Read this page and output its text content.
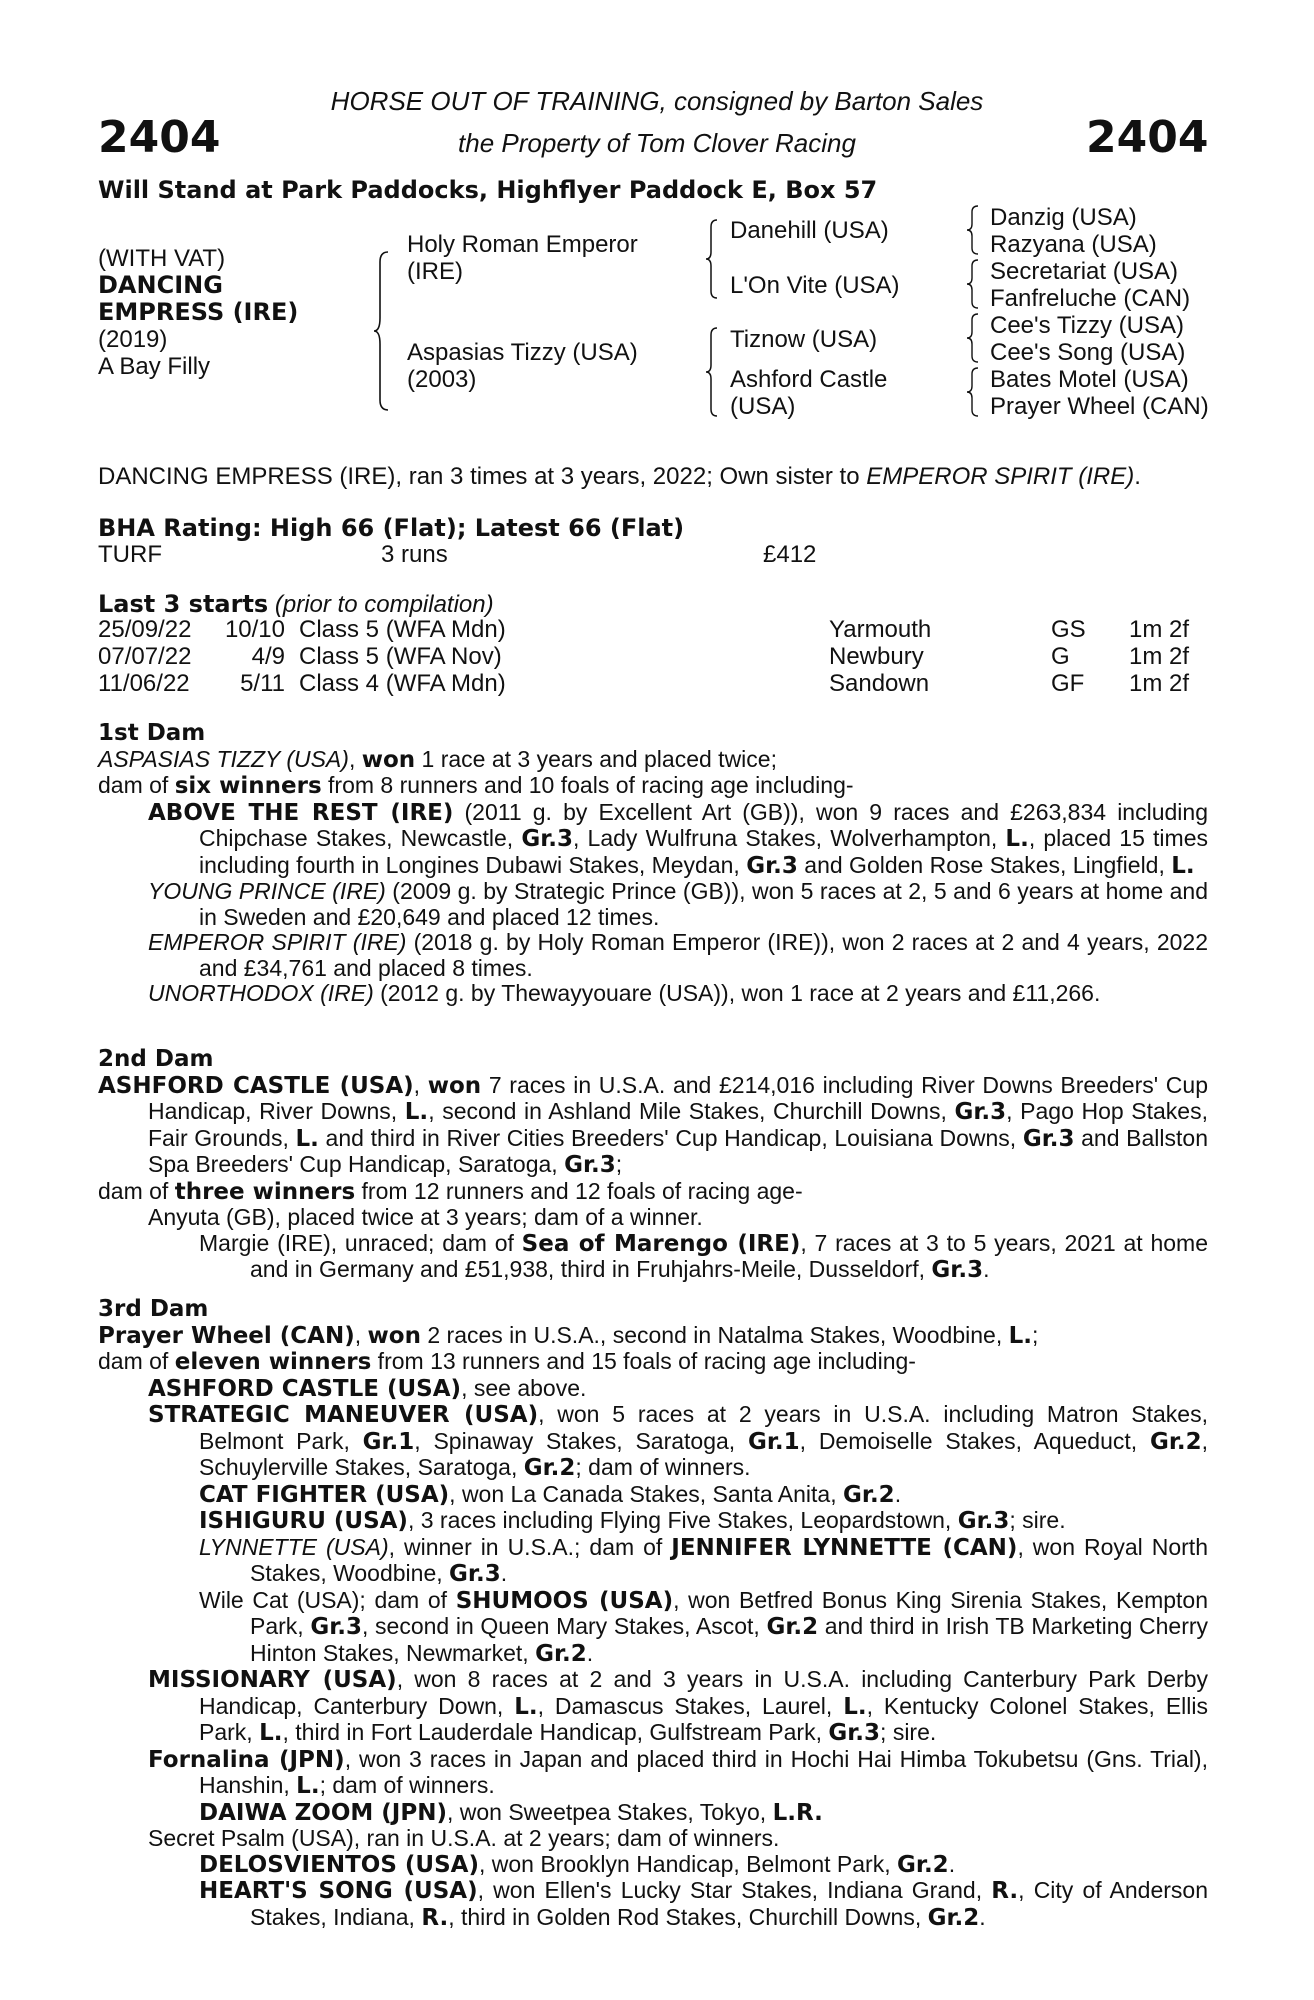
2404	2404
HORSE OUT OF TRAINING, consigned by Barton Sales
the Property of Tom Clover Racing
Will Stand at Park Paddocks, Highflyer Paddock E, Box 57
(WITH VAT)
DANCING
EMPRESS (IRE)
(2019)
A Bay Filly
Holy Roman Emperor
(IRE)
Aspasias Tizzy (USA)
(2003)
Danehill (USA)
L'On Vite (USA)
Tiznow (USA)
Ashford Castle
(USA)
Danzig (USA)
Razyana (USA)
Secretariat (USA)
Fanfreluche (CAN)
Cee's Tizzy (USA)
Cee's Song (USA)
Bates Motel (USA)
Prayer Wheel (CAN)
DANCING EMPRESS (IRE), ran 3 times at 3 years, 2022; Own sister to EMPEROR SPIRIT (IRE).
BHA Rating: High 66 (Flat); Latest 66 (Flat)
TURF	3 runs	£412
Last 3 starts (prior to compilation)
25/09/22	10/10 Class 5 (WFA Mdn)	Yarmouth	GS	1m 2f
07/07/22	4/9 Class 5 (WFA Nov)	Newbury	G	1m 2f
11/06/22	5/11 Class 4 (WFA Mdn)	Sandown	GF	1m 2f

1st Dam

ASPASIAS TIZZY (USA), won 1 race at 3 years and placed twice;

dam of six winners from 8 runners and 10 foals of racing age including-

ABOVE THE REST (IRE) (2011 g. by Excellent Art (GB)), won 9 races and £263,834 including Chipchase Stakes, Newcastle, Gr.3, Lady Wulfruna Stakes, Wolverhampton, L., placed 15 times including fourth in Longines Dubawi Stakes, Meydan, Gr.3 and Golden Rose Stakes, Lingfield, L.

YOUNG PRINCE (IRE) (2009 g. by Strategic Prince (GB)), won 5 races at 2, 5 and 6 years at home and in Sweden and £20,649 and placed 12 times.

EMPEROR SPIRIT (IRE) (2018 g. by Holy Roman Emperor (IRE)), won 2 races at 2 and 4 years, 2022 and £34,761 and placed 8 times.

UNORTHODOX (IRE) (2012 g. by Thewayyouare (USA)), won 1 race at 2 years and £11,266.

2nd Dam

ASHFORD CASTLE (USA), won 7 races in U.S.A. and £214,016 including River Downs Breeders' Cup Handicap, River Downs, L., second in Ashland Mile Stakes, Churchill Downs, Gr.3, Pago Hop Stakes, Fair Grounds, L. and third in River Cities Breeders' Cup Handicap, Louisiana Downs, Gr.3 and Ballston Spa Breeders' Cup Handicap, Saratoga, Gr.3;

dam of three winners from 12 runners and 12 foals of racing age-

Anyuta (GB), placed twice at 3 years; dam of a winner.

Margie (IRE), unraced; dam of Sea of Marengo (IRE), 7 races at 3 to 5 years, 2021 at home and in Germany and £51,938, third in Fruhjahrs-Meile, Dusseldorf, Gr.3.

3rd Dam

Prayer Wheel (CAN), won 2 races in U.S.A., second in Natalma Stakes, Woodbine, L.;

dam of eleven winners from 13 runners and 15 foals of racing age including-

ASHFORD CASTLE (USA), see above.

STRATEGIC MANEUVER (USA), won 5 races at 2 years in U.S.A. including Matron Stakes, Belmont Park, Gr.1, Spinaway Stakes, Saratoga, Gr.1, Demoiselle Stakes, Aqueduct, Gr.2, Schuylerville Stakes, Saratoga, Gr.2; dam of winners.

CAT FIGHTER (USA), won La Canada Stakes, Santa Anita, Gr.2.

ISHIGURU (USA), 3 races including Flying Five Stakes, Leopardstown, Gr.3; sire.

LYNNETTE (USA), winner in U.S.A.; dam of JENNIFER LYNNETTE (CAN), won Royal North Stakes, Woodbine, Gr.3.

Wile Cat (USA); dam of SHUMOOS (USA), won Betfred Bonus King Sirenia Stakes, Kempton Park, Gr.3, second in Queen Mary Stakes, Ascot, Gr.2 and third in Irish TB Marketing Cherry Hinton Stakes, Newmarket, Gr.2.

MISSIONARY (USA), won 8 races at 2 and 3 years in U.S.A. including Canterbury Park Derby Handicap, Canterbury Down, L., Damascus Stakes, Laurel, L., Kentucky Colonel Stakes, Ellis Park, L., third in Fort Lauderdale Handicap, Gulfstream Park, Gr.3; sire.

Fornalina (JPN), won 3 races in Japan and placed third in Hochi Hai Himba Tokubetsu (Gns. Trial), Hanshin, L.; dam of winners.

DAIWA ZOOM (JPN), won Sweetpea Stakes, Tokyo, L.R.

Secret Psalm (USA), ran in U.S.A. at 2 years; dam of winners.

DELOSVIENTOS (USA), won Brooklyn Handicap, Belmont Park, Gr.2.

HEART'S SONG (USA), won Ellen's Lucky Star Stakes, Indiana Grand, R., City of Anderson Stakes, Indiana, R., third in Golden Rod Stakes, Churchill Downs, Gr.2.
